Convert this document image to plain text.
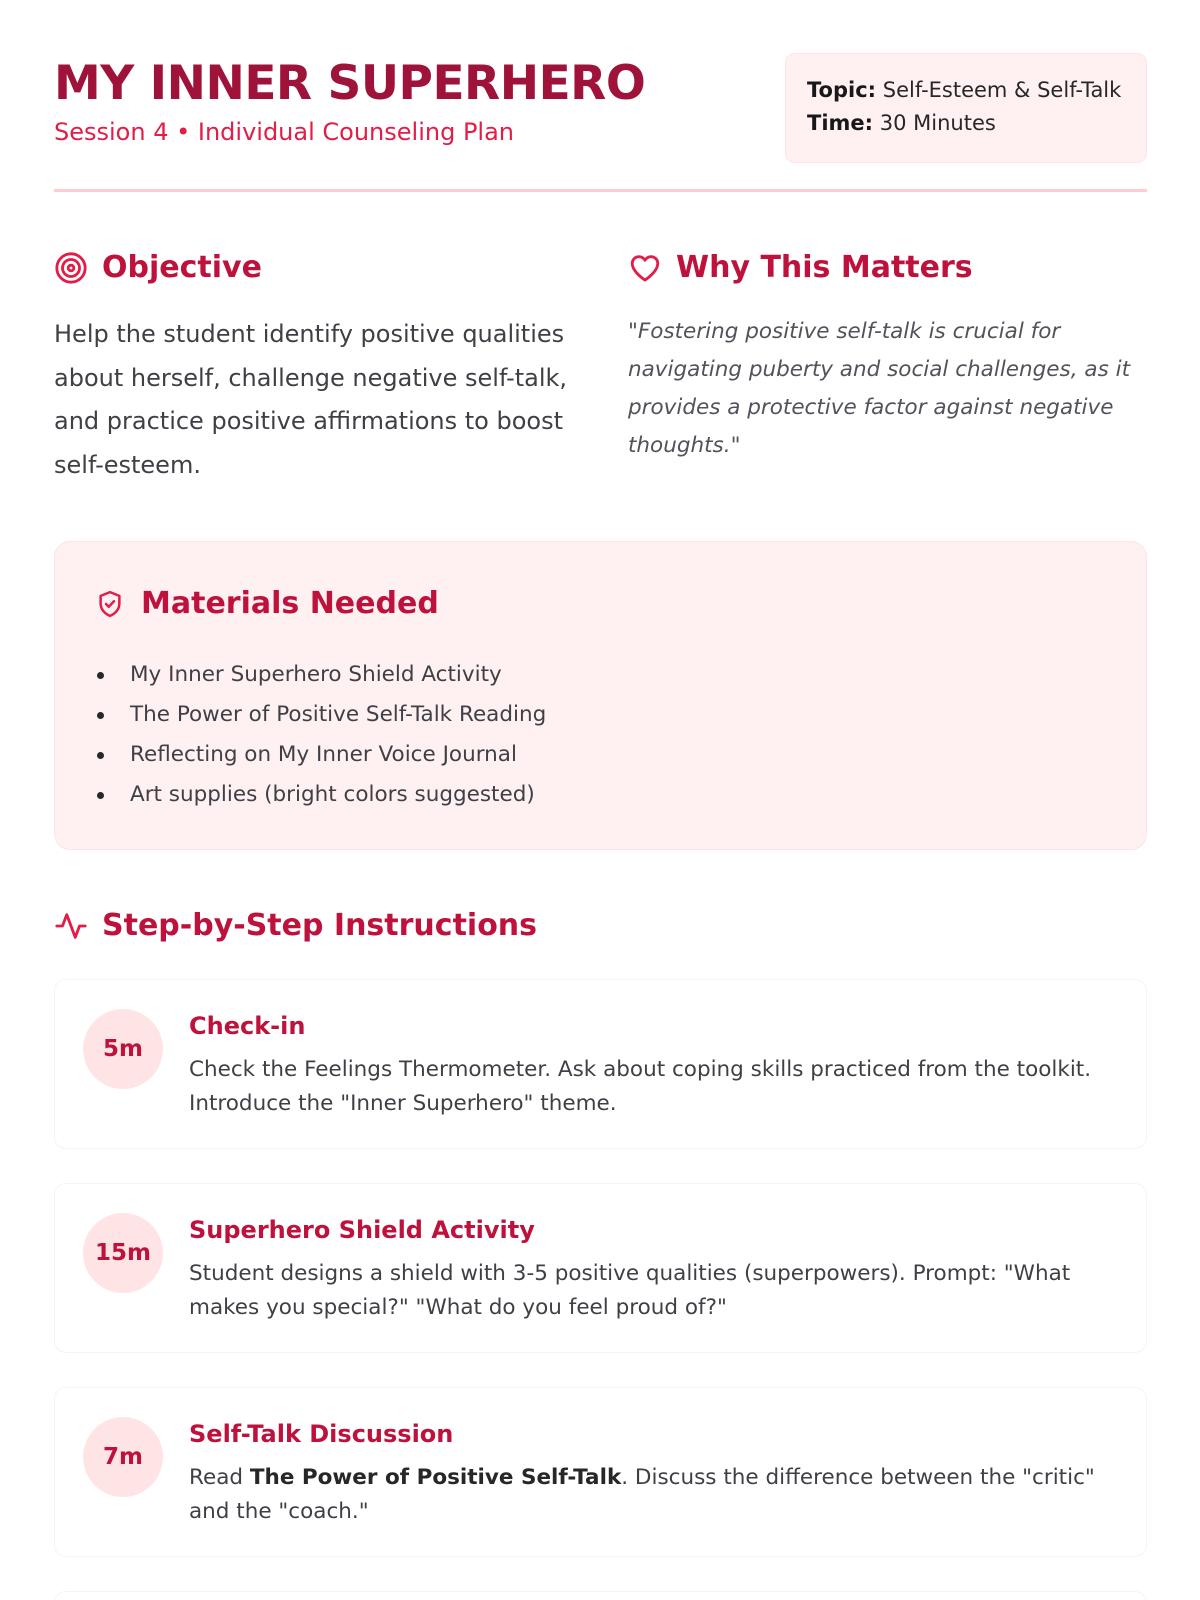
MY INNER SUPERHERO
Session 4 • Individual Counseling Plan
Topic: Self-Esteem & Self-Talk
Time: 30 Minutes
Objective

Help the student identify positive qualities about herself, challenge negative self-talk, and practice positive affirmations to boost self-esteem.

Why This Matters

"Fostering positive self-talk is crucial for navigating puberty and social challenges, as it provides a protective factor against negative thoughts."

Materials Needed
My Inner Superhero Shield Activity
The Power of Positive Self-Talk Reading
Reflecting on My Inner Voice Journal
Art supplies (bright colors suggested)
Step-by-Step Instructions
5m
Check-in
Check the Feelings Thermometer. Ask about coping skills practiced from the toolkit. Introduce the "Inner Superhero" theme.
15m
Superhero Shield Activity
Student designs a shield with 3-5 positive qualities (superpowers). Prompt: "What makes you special?" "What do you feel proud of?"
7m
Self-Talk Discussion
Read The Power of Positive Self-Talk. Discuss the difference between the "critic" and the "coach."
